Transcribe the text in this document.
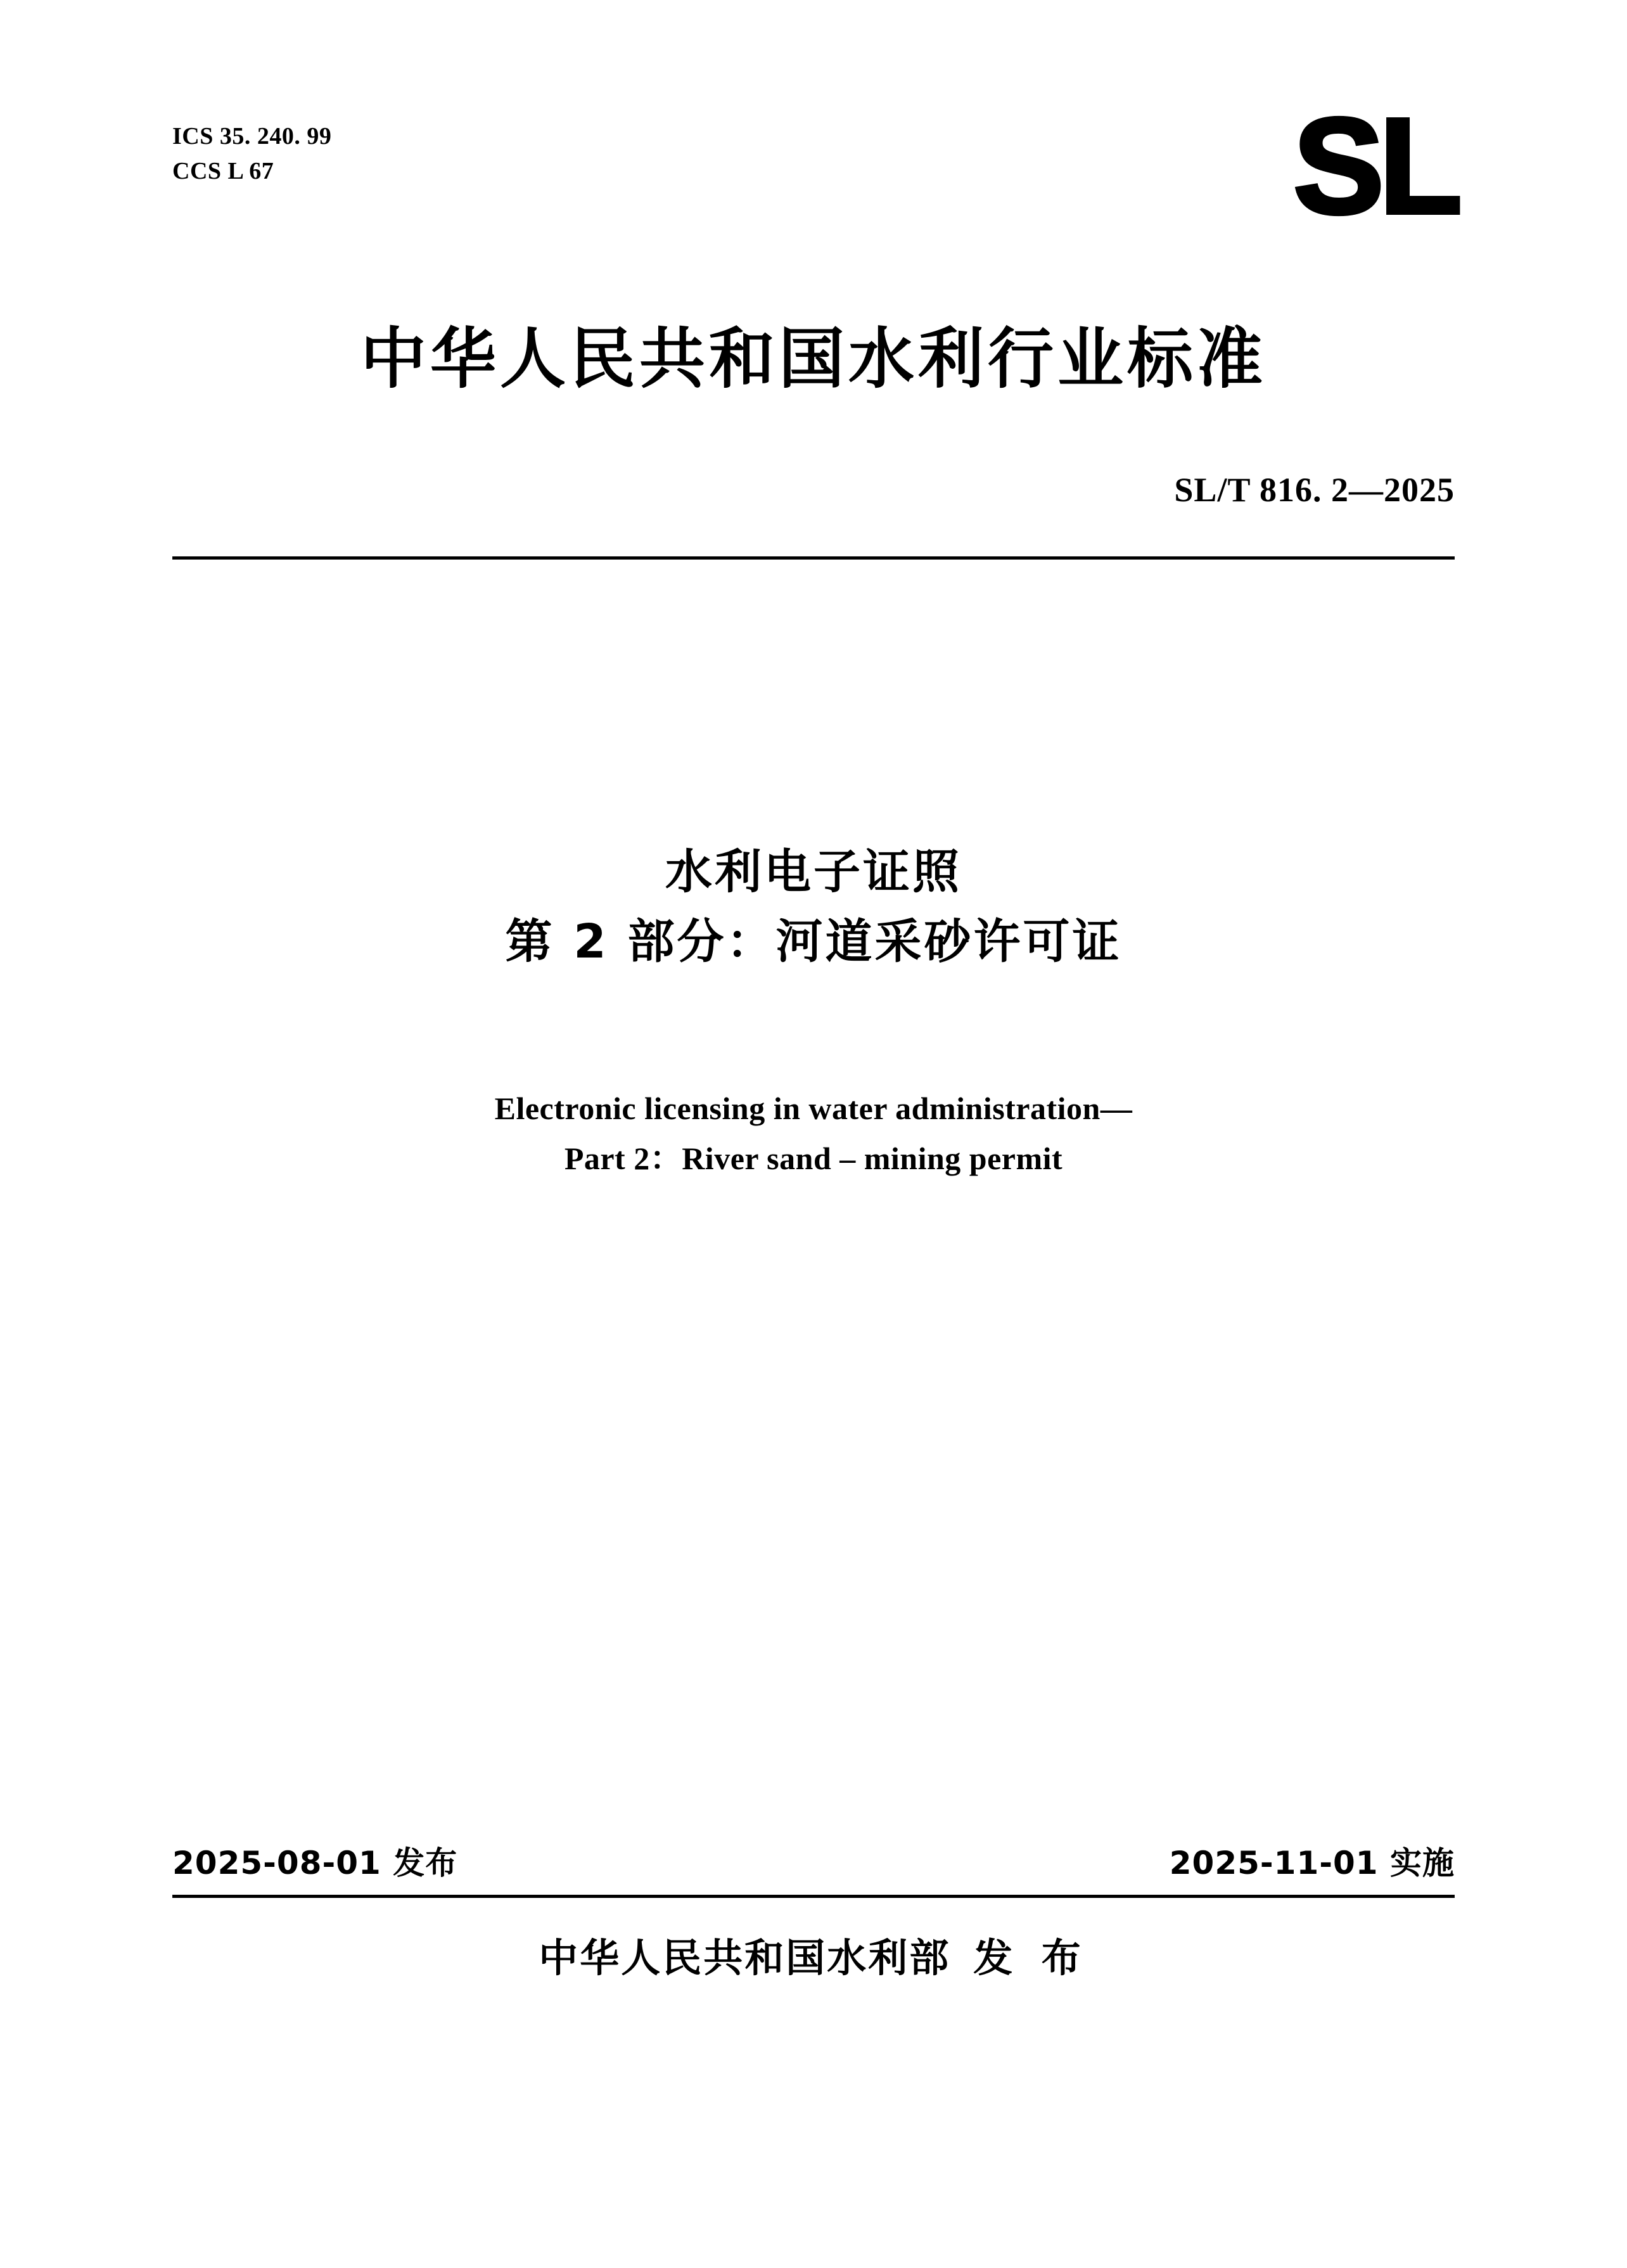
ICS 35. 240. 99
CCS L 67	SL
中华人民共和国水利行业标准
SL/T 816. 2—2025
水利电子证照
第 2 部分：河道采砂许可证
Electronic licensing in water administration—
Part 2：River sand – mining permit
2025-08-01 发布	2025-11-01 实施
中华人民共和国水利部 发 布
